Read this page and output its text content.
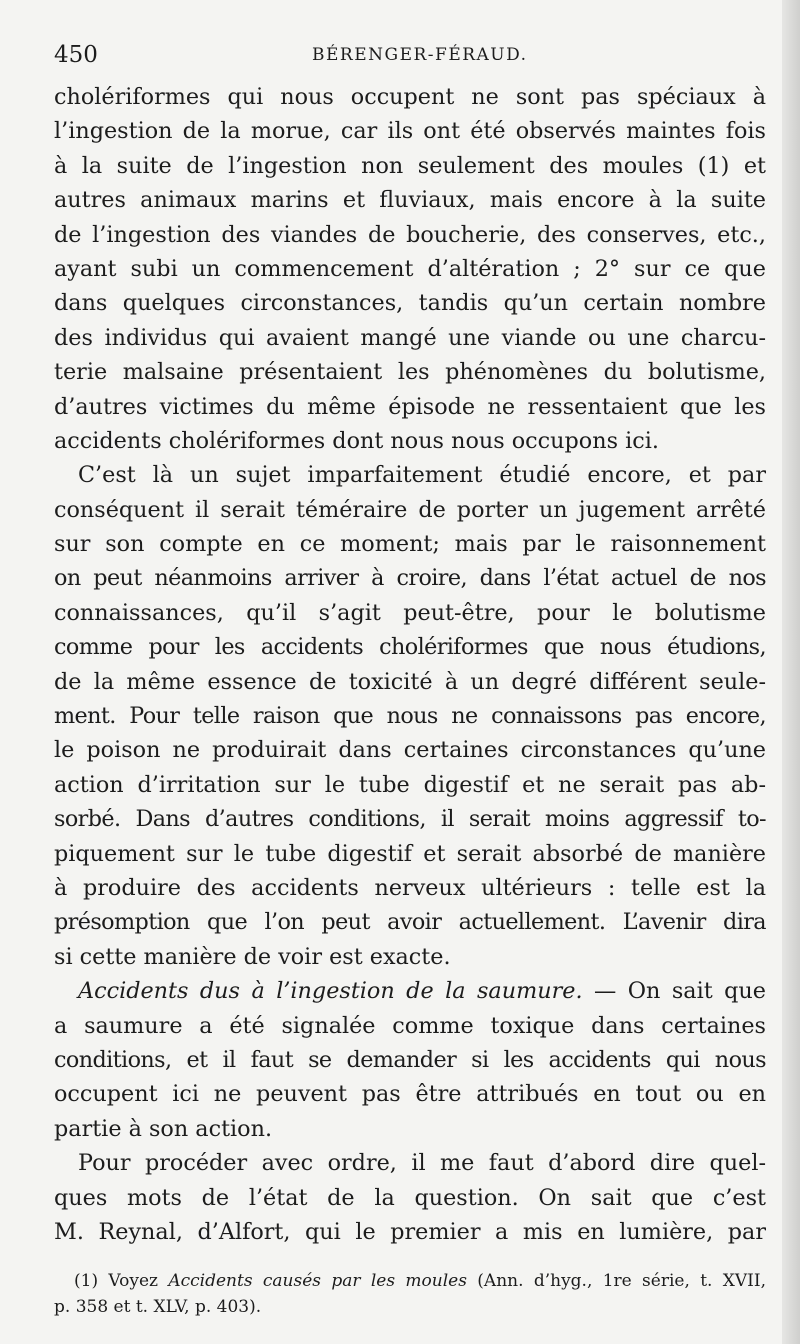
450	BÉRENGER-FÉRAUD.
cholériformes qui nous occupent ne sont pas spéciaux à
l’ingestion de la morue, car ils ont été observés maintes fois
à la suite de l’ingestion non seulement des moules (1) et
autres animaux marins et fluviaux, mais encore à la suite
de l’ingestion des viandes de boucherie, des conserves, etc.,
ayant subi un commencement d’altération ; 2° sur ce que
dans quelques circonstances, tandis qu’un certain nombre
des individus qui avaient mangé une viande ou une charcu-
terie malsaine présentaient les phénomènes du bolutisme,
d’autres victimes du même épisode ne ressentaient que les
accidents cholériformes dont nous nous occupons ici.
C’est là un sujet imparfaitement étudié encore, et par
conséquent il serait téméraire de porter un jugement arrêté
sur son compte en ce moment; mais par le raisonnement
on peut néanmoins arriver à croire, dans l’état actuel de nos
connaissances, qu’il s’agit peut-être, pour le bolutisme
comme pour les accidents cholériformes que nous étudions,
de la même essence de toxicité à un degré différent seule-
ment. Pour telle raison que nous ne connaissons pas encore,
le poison ne produirait dans certaines circonstances qu’une
action d’irritation sur le tube digestif et ne serait pas ab-
sorbé. Dans d’autres conditions, il serait moins aggressif to-
piquement sur le tube digestif et serait absorbé de manière
à produire des accidents nerveux ultérieurs : telle est la
présomption que l’on peut avoir actuellement. L’avenir dira
si cette manière de voir est exacte.
Accidents dus à l’ingestion de la saumure. — On sait que
a saumure a été signalée comme toxique dans certaines
conditions, et il faut se demander si les accidents qui nous
occupent ici ne peuvent pas être attribués en tout ou en
partie à son action.
Pour procéder avec ordre, il me faut d’abord dire quel-
ques mots de l’état de la question. On sait que c’est
M. Reynal, d’Alfort, qui le premier a mis en lumière, par
(1) Voyez Accidents causés par les moules (Ann. d’hyg., 1re série, t. XVII,
p. 358 et t. XLV, p. 403).
